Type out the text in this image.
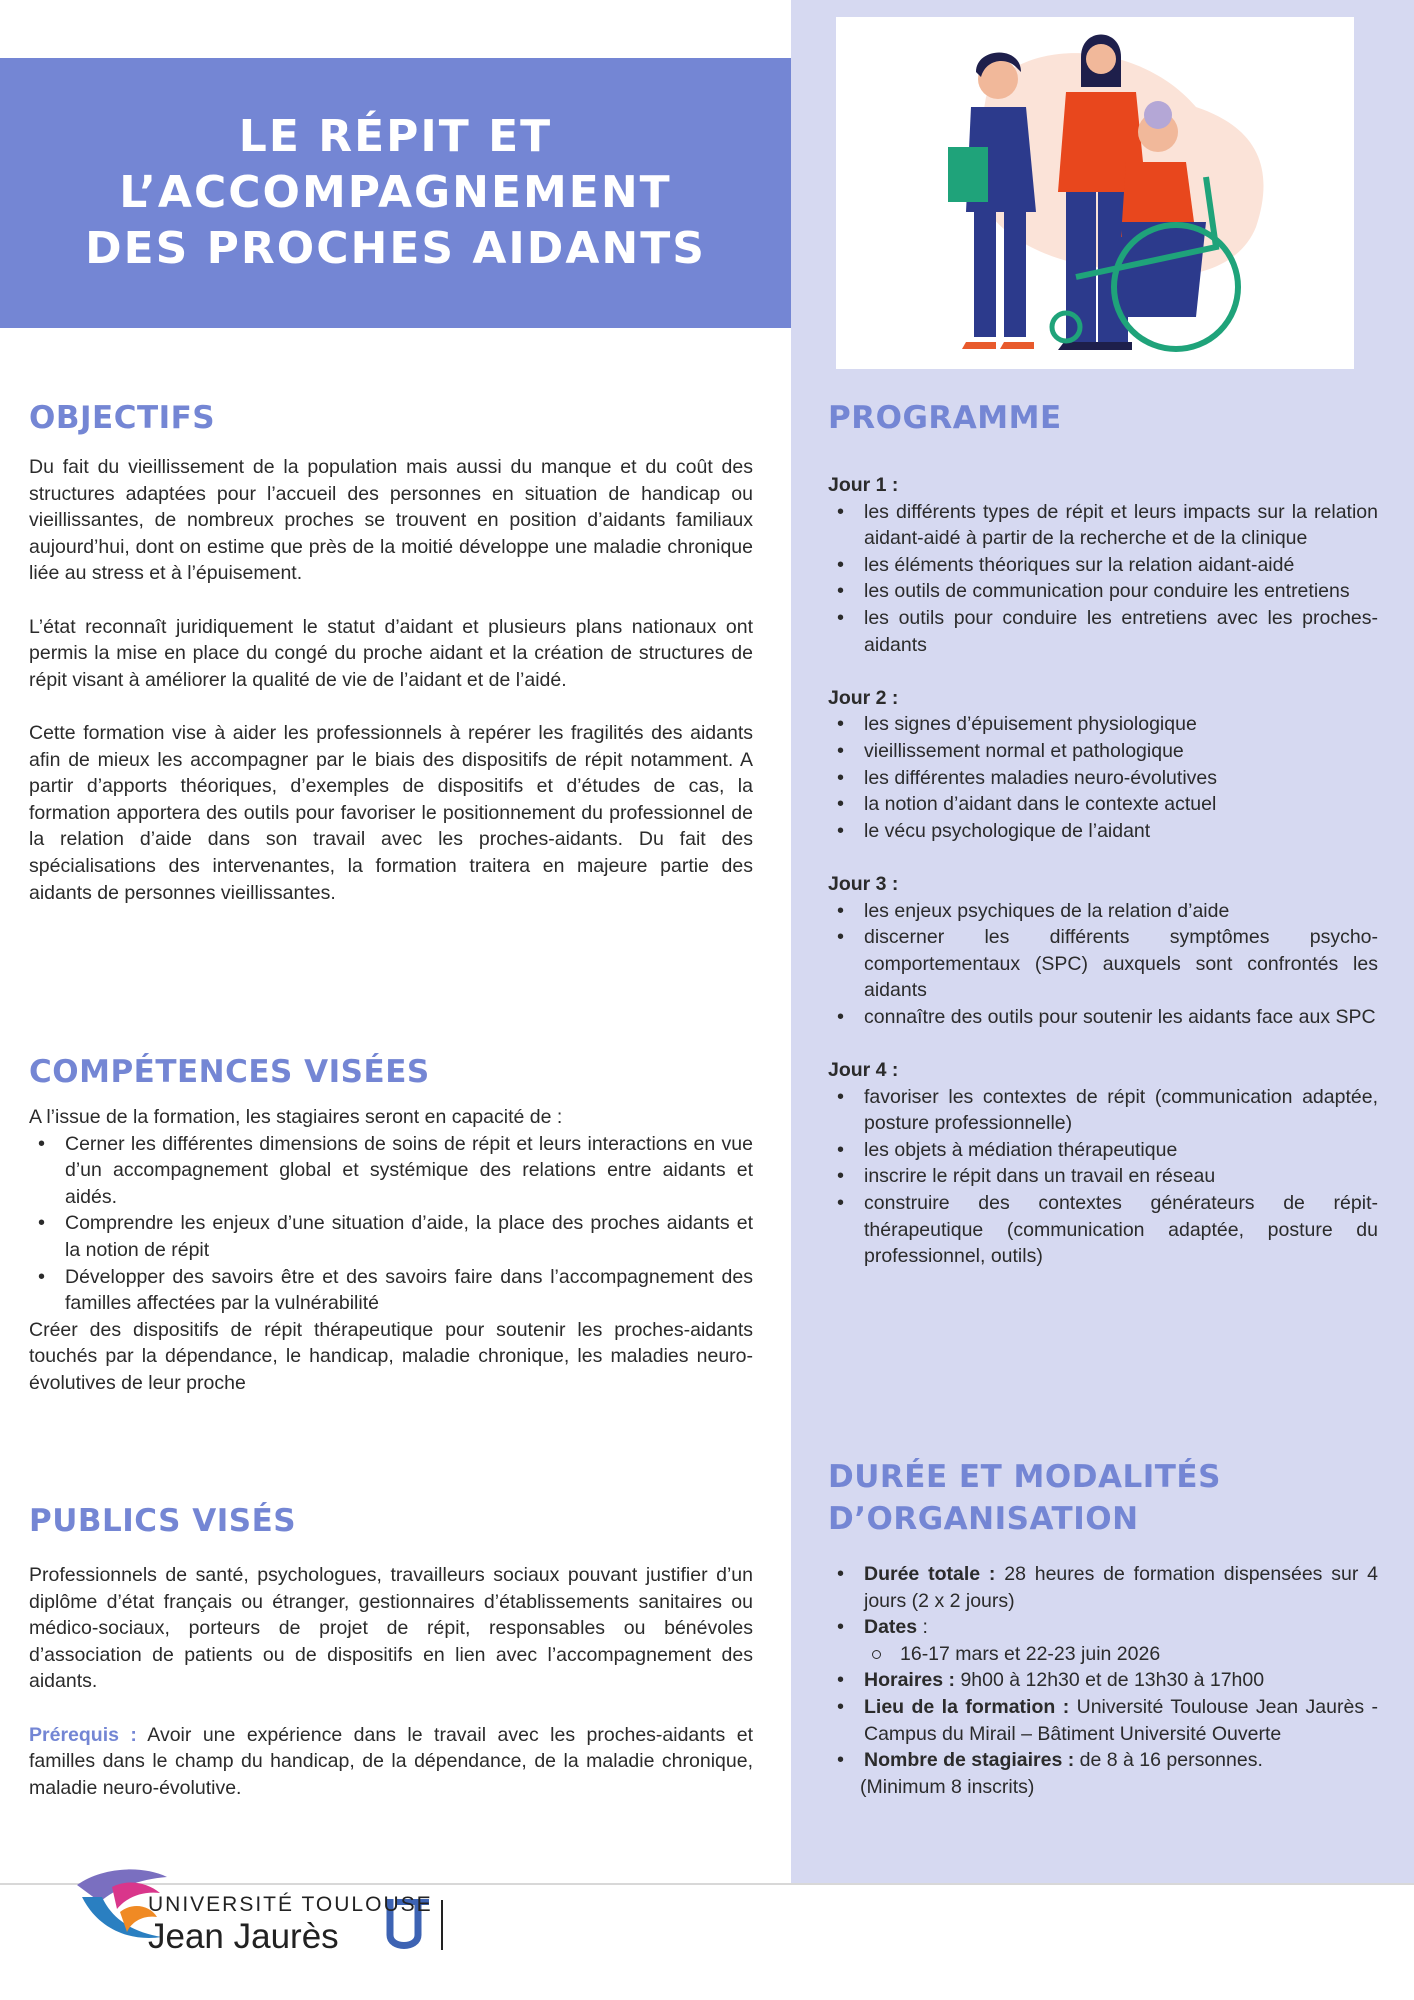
LE RÉPIT ET
L’ACCOMPAGNEMENT
DES PROCHES AIDANTS
OBJECTIFS

Du fait du vieillissement de la population mais aussi du manque et du coût des structures adaptées pour l’accueil des personnes en situation de handicap ou vieillissantes, de nombreux proches se trouvent en position d’aidants familiaux aujourd’hui, dont on estime que près de la moitié développe une maladie chronique liée au stress et à l’épuisement.

L’état reconnaît juridiquement le statut d’aidant et plusieurs plans nationaux ont permis la mise en place du congé du proche aidant et la création de structures de répit visant à améliorer la qualité de vie de l’aidant et de l’aidé.

Cette formation vise à aider les professionnels à repérer les fragilités des aidants afin de mieux les accompagner par le biais des dispositifs de répit notamment. A partir d’apports théoriques, d’exemples de dispositifs et d’études de cas, la formation apportera des outils pour favoriser le positionnement du professionnel de la relation d’aide dans son travail avec les proches-aidants. Du fait des spécialisations des intervenantes, la formation traitera en majeure partie des aidants de personnes vieillissantes.

COMPÉTENCES VISÉES

A l’issue de la formation, les stagiaires seront en capacité de :

• Cerner les différentes dimensions de soins de répit et leurs interactions en vue d’un accompagnement global et systémique des relations entre aidants et aidés.
• Comprendre les enjeux d’une situation d’aide, la place des proches aidants et la notion de répit
• Développer des savoirs être et des savoirs faire dans l’accompagnement des familles affectées par la vulnérabilité

Créer des dispositifs de répit thérapeutique pour soutenir les proches-aidants touchés par la dépendance, le handicap, maladie chronique, les maladies neuro-évolutives de leur proche

PUBLICS VISÉS

Professionnels de santé, psychologues, travailleurs sociaux pouvant justifier d’un diplôme d’état français ou étranger, gestionnaires d’établissements sanitaires ou médico-sociaux, porteurs de projet de répit, responsables ou bénévoles d’association de patients ou de dispositifs en lien avec l’accompagnement des aidants.

Prérequis : Avoir une expérience dans le travail avec les proches-aidants et familles dans le champ du handicap, de la dépendance, de la maladie chronique, maladie neuro-évolutive.

PROGRAMME

Jour 1 :

• les différents types de répit et leurs impacts sur la relation aidant-aidé à partir de la recherche et de la clinique
• les éléments théoriques sur la relation aidant-aidé
• les outils de communication pour conduire les entretiens
• les outils pour conduire les entretiens avec les proches-aidants

Jour 2 :

• les signes d’épuisement physiologique
• vieillissement normal et pathologique
• les différentes maladies neuro-évolutives
• la notion d’aidant dans le contexte actuel
• le vécu psychologique de l’aidant

Jour 3 :

• les enjeux psychiques de la relation d’aide
• discerner les différents symptômes psycho-comportementaux (SPC) auxquels sont confrontés les aidants
• connaître des outils pour soutenir les aidants face aux SPC

Jour 4 :

• favoriser les contextes de répit (communication adaptée, posture professionnelle)
• les objets à médiation thérapeutique
• inscrire le répit dans un travail en réseau
• construire des contextes générateurs de répit-thérapeutique (communication adaptée, posture du professionnel, outils)
DURÉE ET MODALITÉS
D’ORGANISATION
• Durée totale : 28 heures de formation dispensées sur 4 jours (2 x 2 jours)
• Dates :
16-17 mars et 22-23 juin 2026
• Horaires : 9h00 à 12h30 et de 13h30 à 17h00
• Lieu de la formation : Université Toulouse Jean Jaurès - Campus du Mirail – Bâtiment Université Ouverte
• Nombre de stagiaires : de 8 à 16 personnes.

(Minimum 8 inscrits)

UNIVERSITÉ TOULOUSE
Jean Jaurès
